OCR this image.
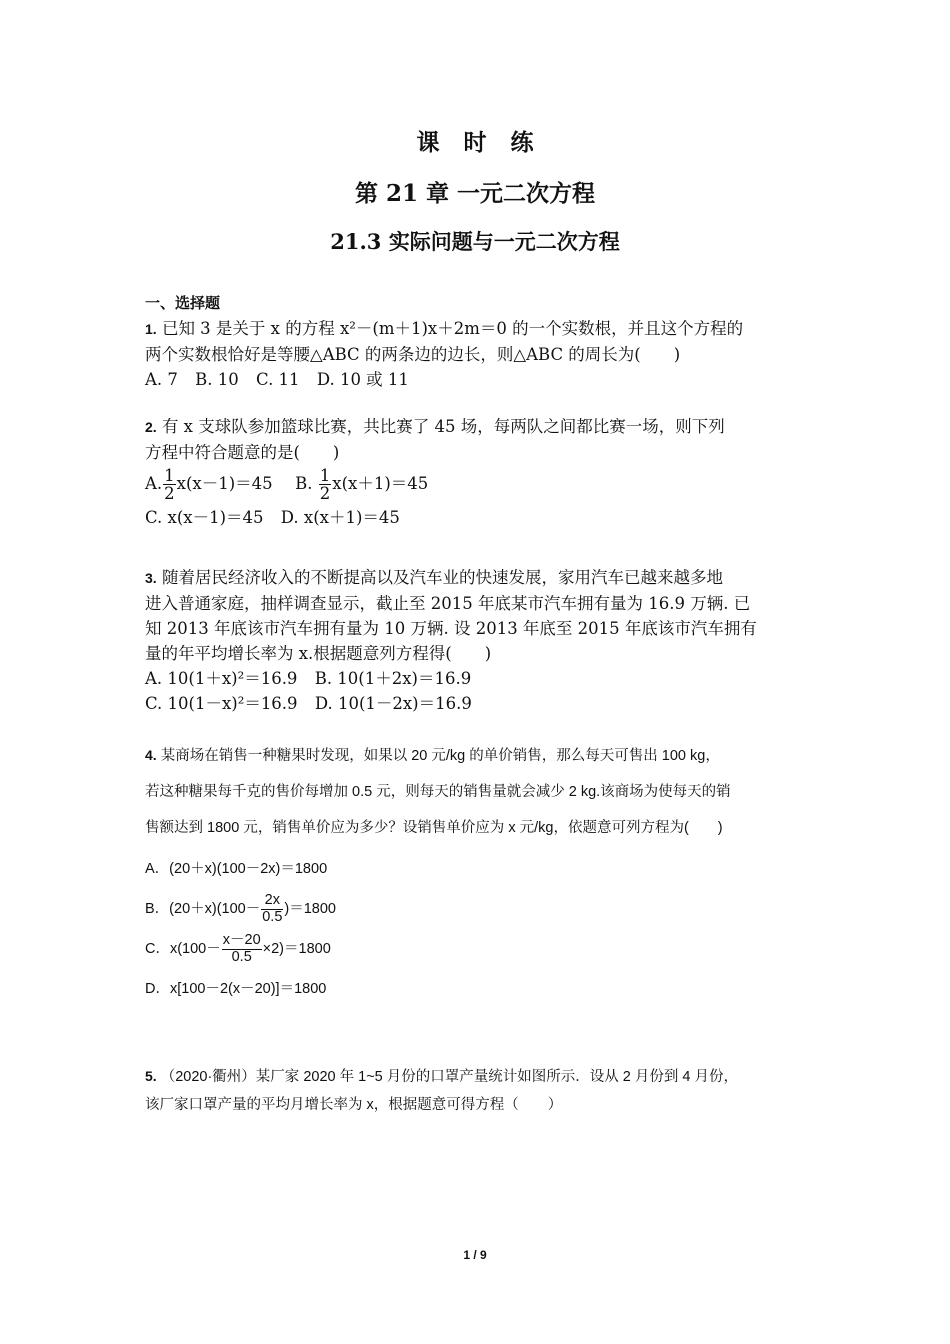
课时练
第 21 章 一元二次方程
21.3 实际问题与一元二次方程
一、选择题
1. 已知 3 是关于 x 的方程 x²－(m＋1)x＋2m＝0 的一个实数根，并且这个方程的
两个实数根恰好是等腰△ABC 的两条边的边长，则△ABC 的周长为(　　)
A. 7 B. 10 C. 11 D. 10 或 11
2. 有 x 支球队参加篮球比赛，共比赛了 45 场，每两队之间都比赛一场，则下列
方程中符合题意的是(　　)
A. $\frac{1}{2} x(x-1)=45$ B. $\frac{1}{2} x(x+1)=45$
C. x(x－1)＝45 D. x(x＋1)＝45
3. 随着居民经济收入的不断提高以及汽车业的快速发展，家用汽车已越来越多地
进入普通家庭，抽样调查显示，截止至 2015 年底某市汽车拥有量为 16.9 万辆. 已
知 2013 年底该市汽车拥有量为 10 万辆. 设 2013 年底至 2015 年底该市汽车拥有
量的年平均增长率为 x.根据题意列方程得(　　)
A. 10(1＋x)²＝16.9 B. 10(1＋2x)＝16.9
C. 10(1－x)²＝16.9 D. 10(1－2x)＝16.9
4. 某商场在销售一种糖果时发现，如果以 20 元/kg 的单价销售，那么每天可售出 100 kg，
若这种糖果每千克的售价每增加 0.5 元，则每天的销售量就会减少 2 kg.该商场为使每天的销
售额达到 1800 元，销售单价应为多少？设销售单价应为 x 元/kg，依题意可列方程为(　　)
A．(20＋x)(100－2x)＝1800
B．$(20+x)(100- \frac{2x}{0.5} )=1800$
C．$x(100- \frac{x-20}{0.5} \times 2)=1800$
D．x[100－2(x－20)]＝1800
5. （2020·衢州）某厂家 2020 年 1~5 月份的口罩产量统计如图所示．设从 2 月份到 4 月份，
该厂家口罩产量的平均月增长率为 x，根据题意可得方程（　　）
1 / 9
